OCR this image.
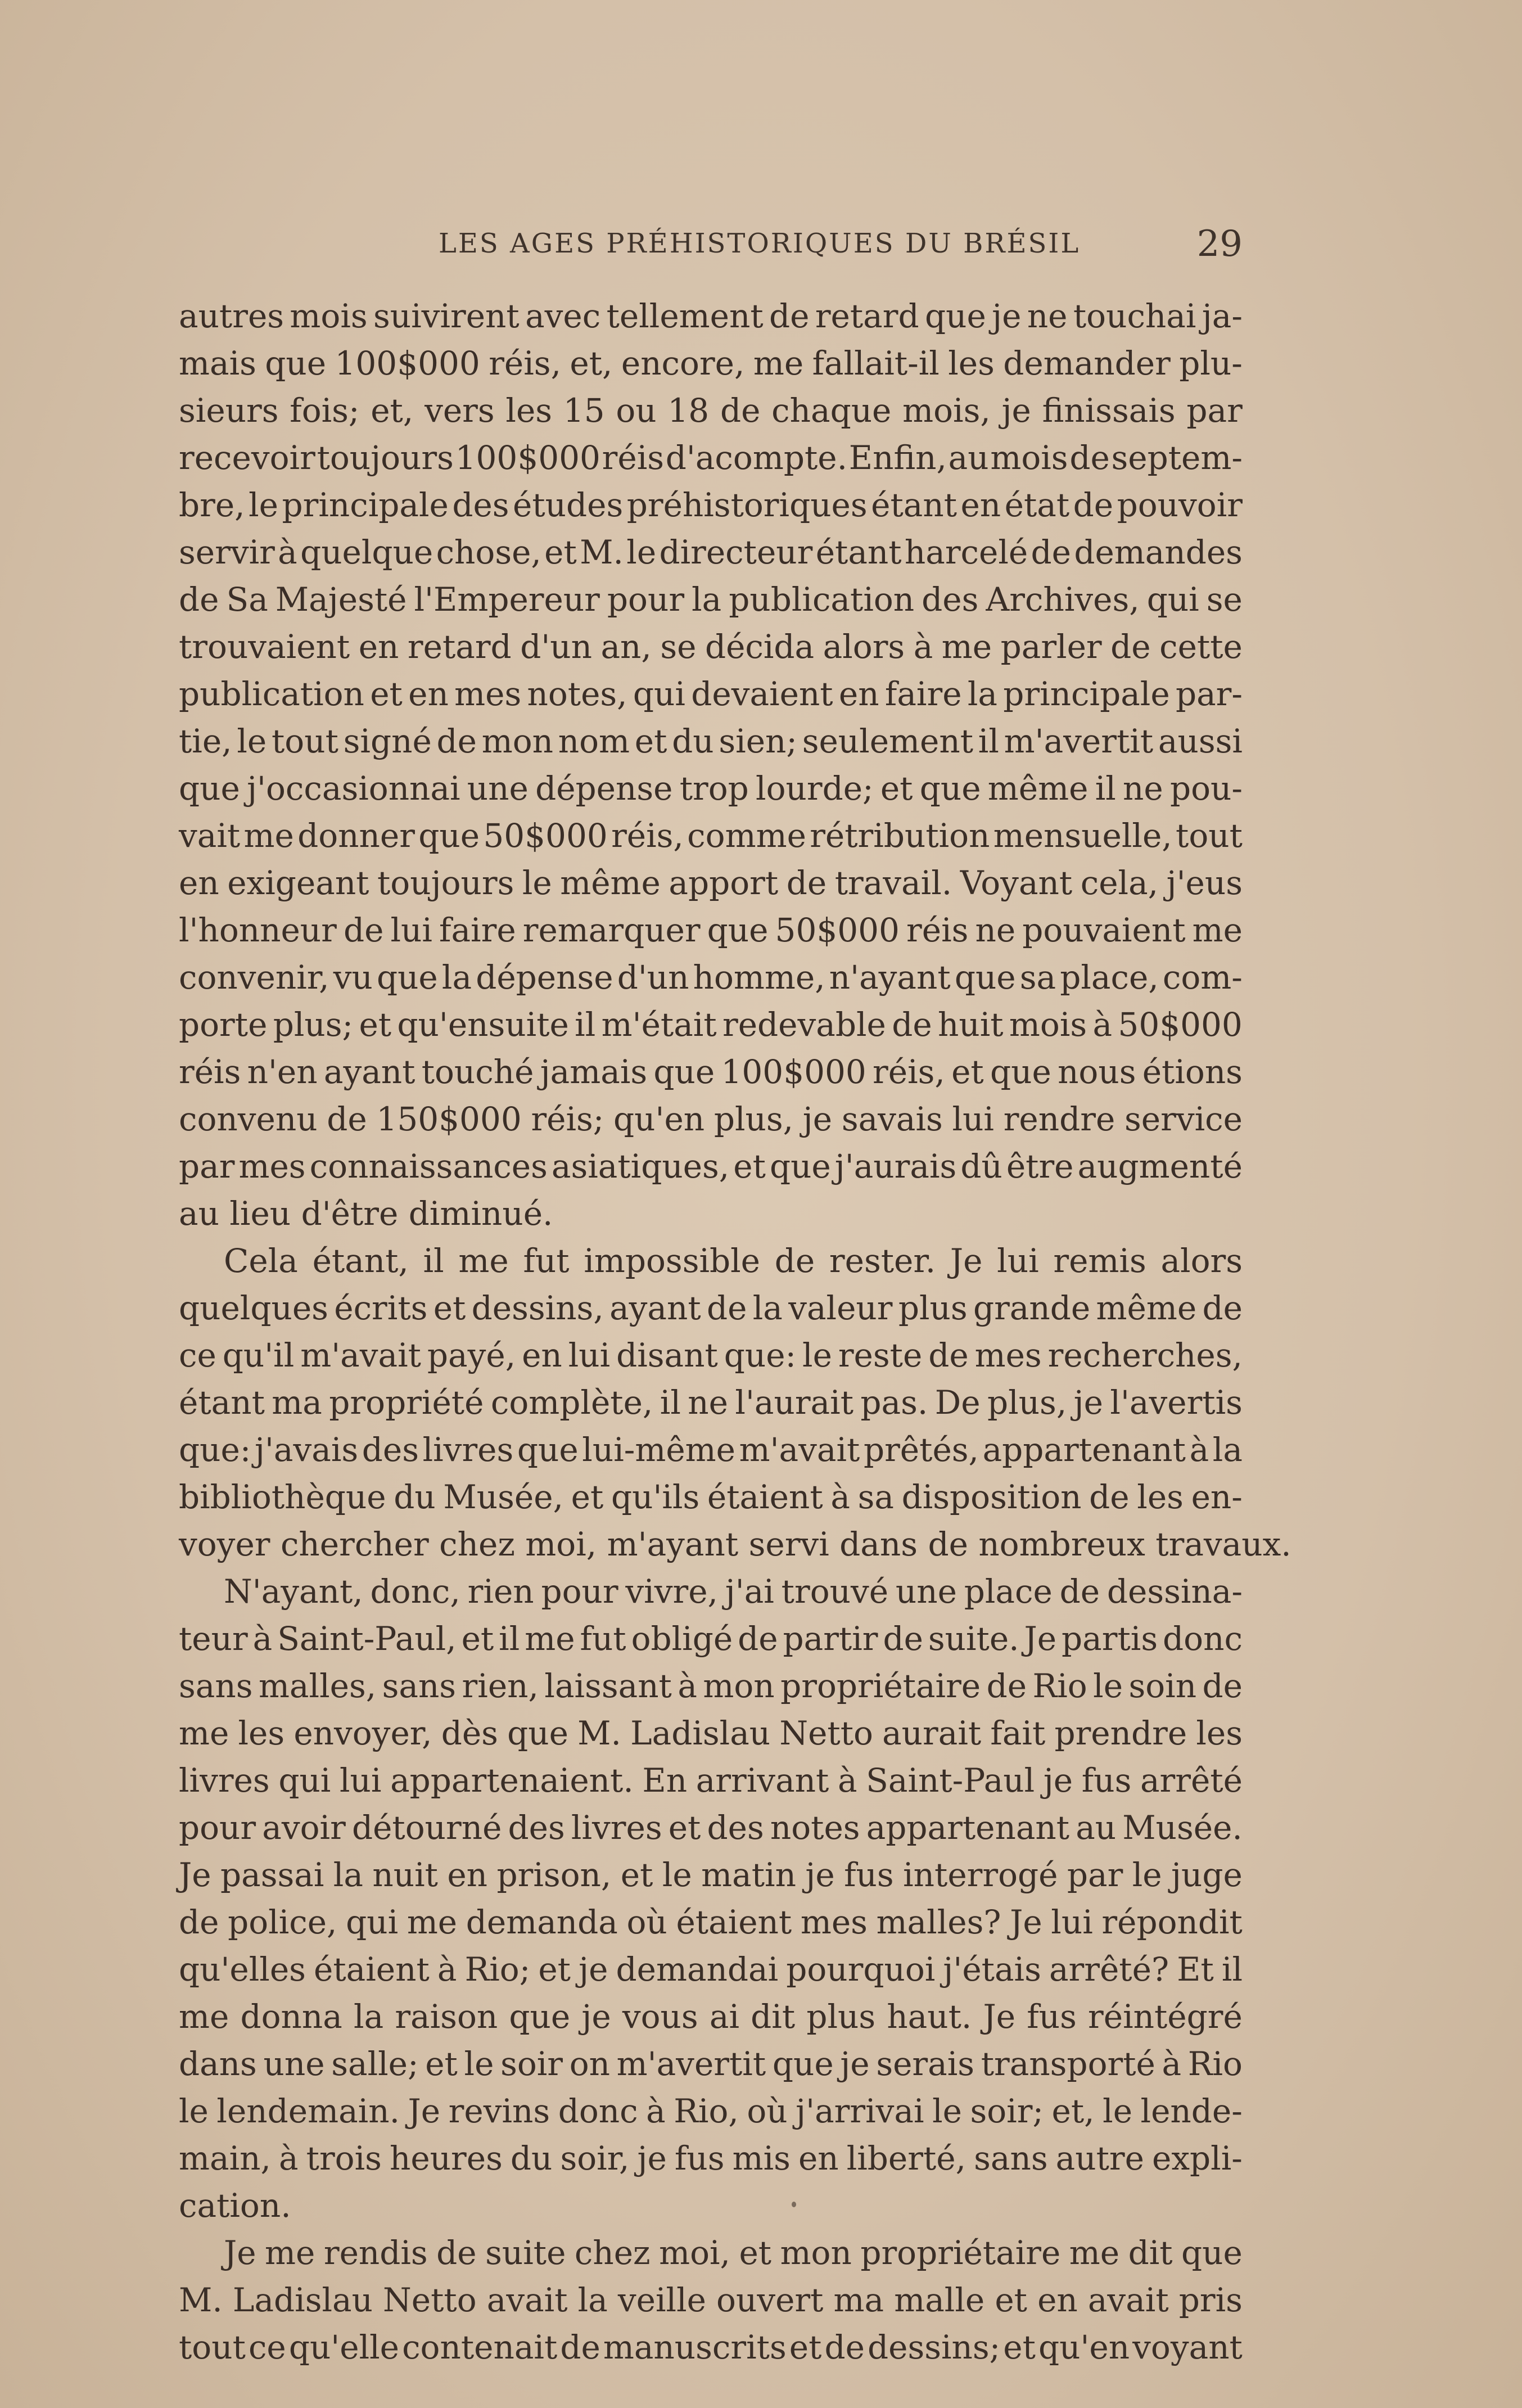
LES AGES PRÉHISTORIQUES DU BRÉSIL	29
autres mois suivirent avec tellement de retard que je ne touchai ja-
mais que 100$000 réis, et, encore, me fallait-il les demander plu-
sieurs fois; et, vers les 15 ou 18 de chaque mois, je finissais par
recevoir toujours 100$000 réis d'acompte. Enfin, au mois de septem-
bre, le principale des études préhistoriques étant en état de pouvoir
servir à quelque chose, et M. le directeur étant harcelé de demandes
de Sa Majesté l'Empereur pour la publication des Archives, qui se
trouvaient en retard d'un an, se décida alors à me parler de cette
publication et en mes notes, qui devaient en faire la principale par-
tie, le tout signé de mon nom et du sien; seulement il m'avertit aussi
que j'occasionnai une dépense trop lourde; et que même il ne pou-
vait me donner que 50$000 réis, comme rétribution mensuelle, tout
en exigeant toujours le même apport de travail. Voyant cela, j'eus
l'honneur de lui faire remarquer que 50$000 réis ne pouvaient me
convenir, vu que la dépense d'un homme, n'ayant que sa place, com-
porte plus; et qu'ensuite il m'était redevable de huit mois à 50$000
réis n'en ayant touché jamais que 100$000 réis, et que nous étions
convenu de 150$000 réis; qu'en plus, je savais lui rendre service
par mes connaissances asiatiques, et que j'aurais dû être augmenté
au lieu d'être diminué.
Cela étant, il me fut impossible de rester. Je lui remis alors
quelques écrits et dessins, ayant de la valeur plus grande même de
ce qu'il m'avait payé, en lui disant que: le reste de mes recherches,
étant ma propriété complète, il ne l'aurait pas. De plus, je l'avertis
que: j'avais des livres que lui-même m'avait prêtés, appartenant à la
bibliothèque du Musée, et qu'ils étaient à sa disposition de les en-
voyer chercher chez moi, m'ayant servi dans de nombreux travaux.
N'ayant, donc, rien pour vivre, j'ai trouvé une place de dessina-
teur à Saint-Paul, et il me fut obligé de partir de suite. Je partis donc
sans malles, sans rien, laissant à mon propriétaire de Rio le soin de
me les envoyer, dès que M. Ladislau Netto aurait fait prendre les
livres qui lui appartenaient. En arrivant à Saint-Paul je fus arrêté
pour avoir détourné des livres et des notes appartenant au Musée.
Je passai la nuit en prison, et le matin je fus interrogé par le juge
de police, qui me demanda où étaient mes malles? Je lui répondit
qu'elles étaient à Rio; et je demandai pourquoi j'étais arrêté? Et il
me donna la raison que je vous ai dit plus haut. Je fus réintégré
dans une salle; et le soir on m'avertit que je serais transporté à Rio
le lendemain. Je revins donc à Rio, où j'arrivai le soir; et, le lende-
main, à trois heures du soir, je fus mis en liberté, sans autre expli-
cation.
Je me rendis de suite chez moi, et mon propriétaire me dit que
M. Ladislau Netto avait la veille ouvert ma malle et en avait pris
tout ce qu'elle contenait de manuscrits et de dessins; et qu'en voyant
